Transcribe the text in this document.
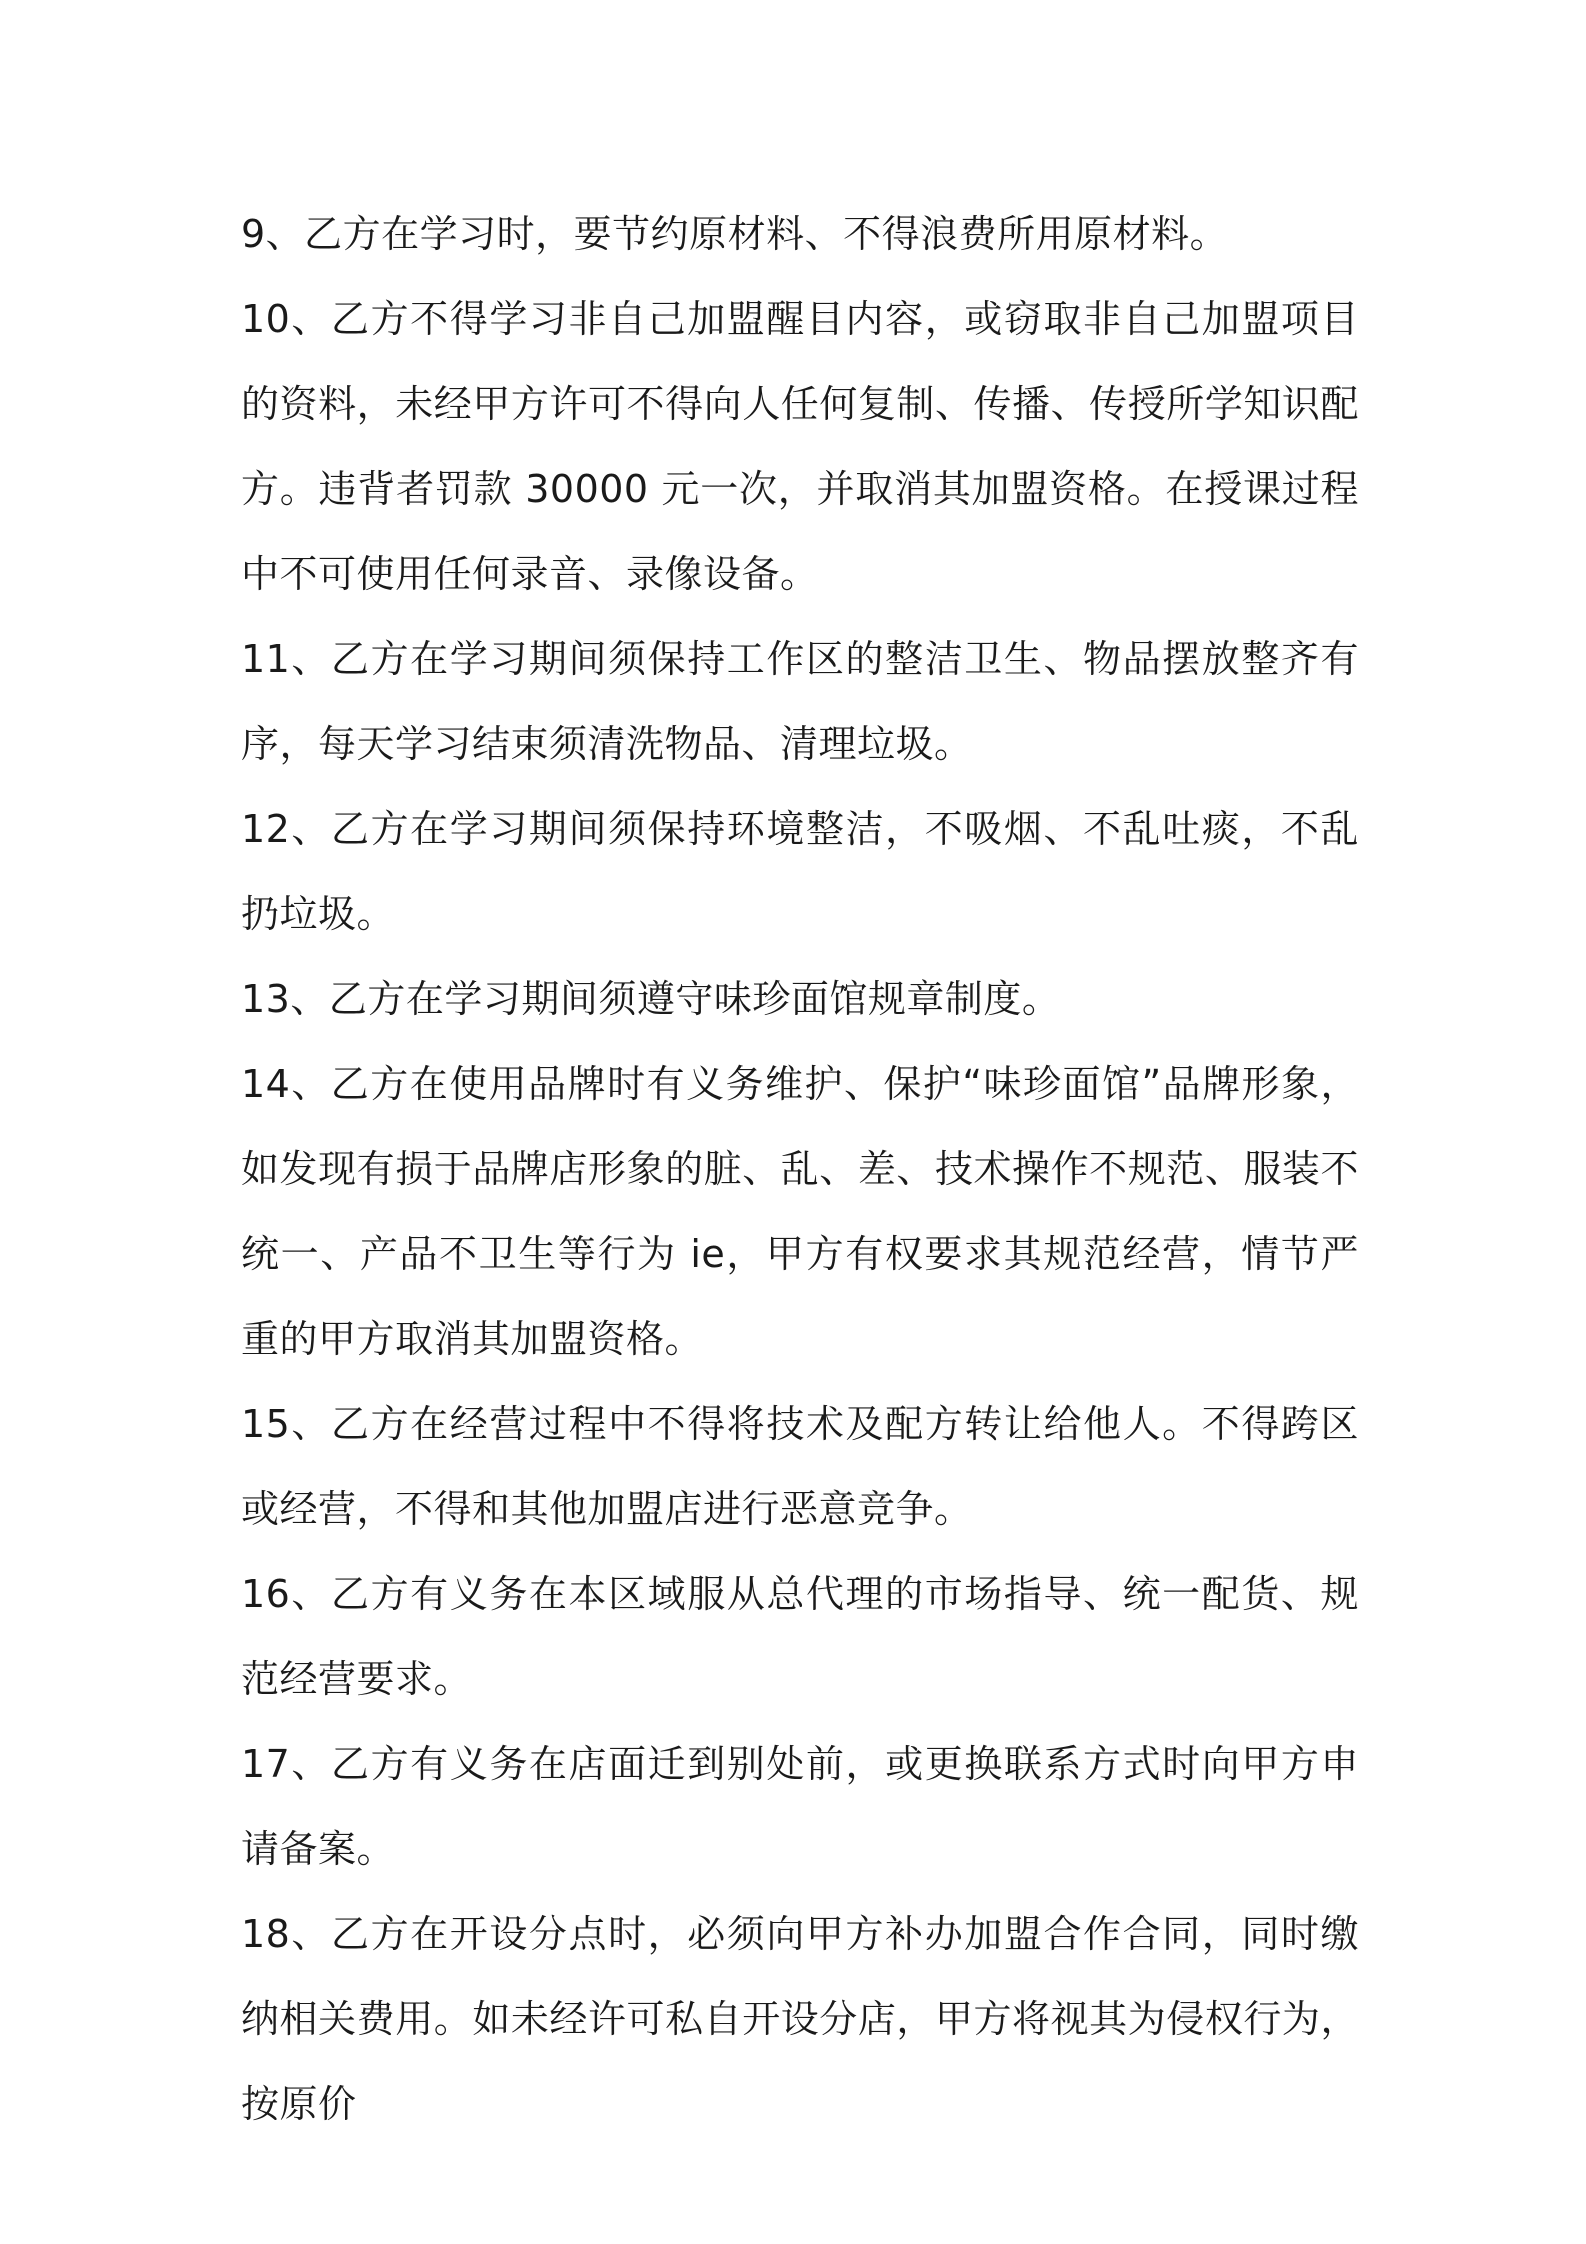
9、乙方在学习时，要节约原材料、不得浪费所用原材料。

10、乙方不得学习非自己加盟醒目内容，或窃取非自己加盟项目的资料，未经甲方许可不得向人任何复制、传播、传授所学知识配方。违背者罚款 30000 元一次，并取消其加盟资格。在授课过程中不可使用任何录音、录像设备。

11、乙方在学习期间须保持工作区的整洁卫生、物品摆放整齐有序，每天学习结束须清洗物品、清理垃圾。

12、乙方在学习期间须保持环境整洁，不吸烟、不乱吐痰，不乱扔垃圾。

13、乙方在学习期间须遵守味珍面馆规章制度。

14、乙方在使用品牌时有义务维护、保护“味珍面馆”品牌形象，如发现有损于品牌店形象的脏、乱、差、技术操作不规范、服装不统一、产品不卫生等行为 ie，甲方有权要求其规范经营，情节严重的甲方取消其加盟资格。

15、乙方在经营过程中不得将技术及配方转让给他人。不得跨区或经营，不得和其他加盟店进行恶意竞争。

16、乙方有义务在本区域服从总代理的市场指导、统一配货、规范经营要求。

17、乙方有义务在店面迁到别处前，或更换联系方式时向甲方申请备案。

18、乙方在开设分点时，必须向甲方补办加盟合作合同，同时缴纳相关费用。如未经许可私自开设分店，甲方将视其为侵权行为，按原价
